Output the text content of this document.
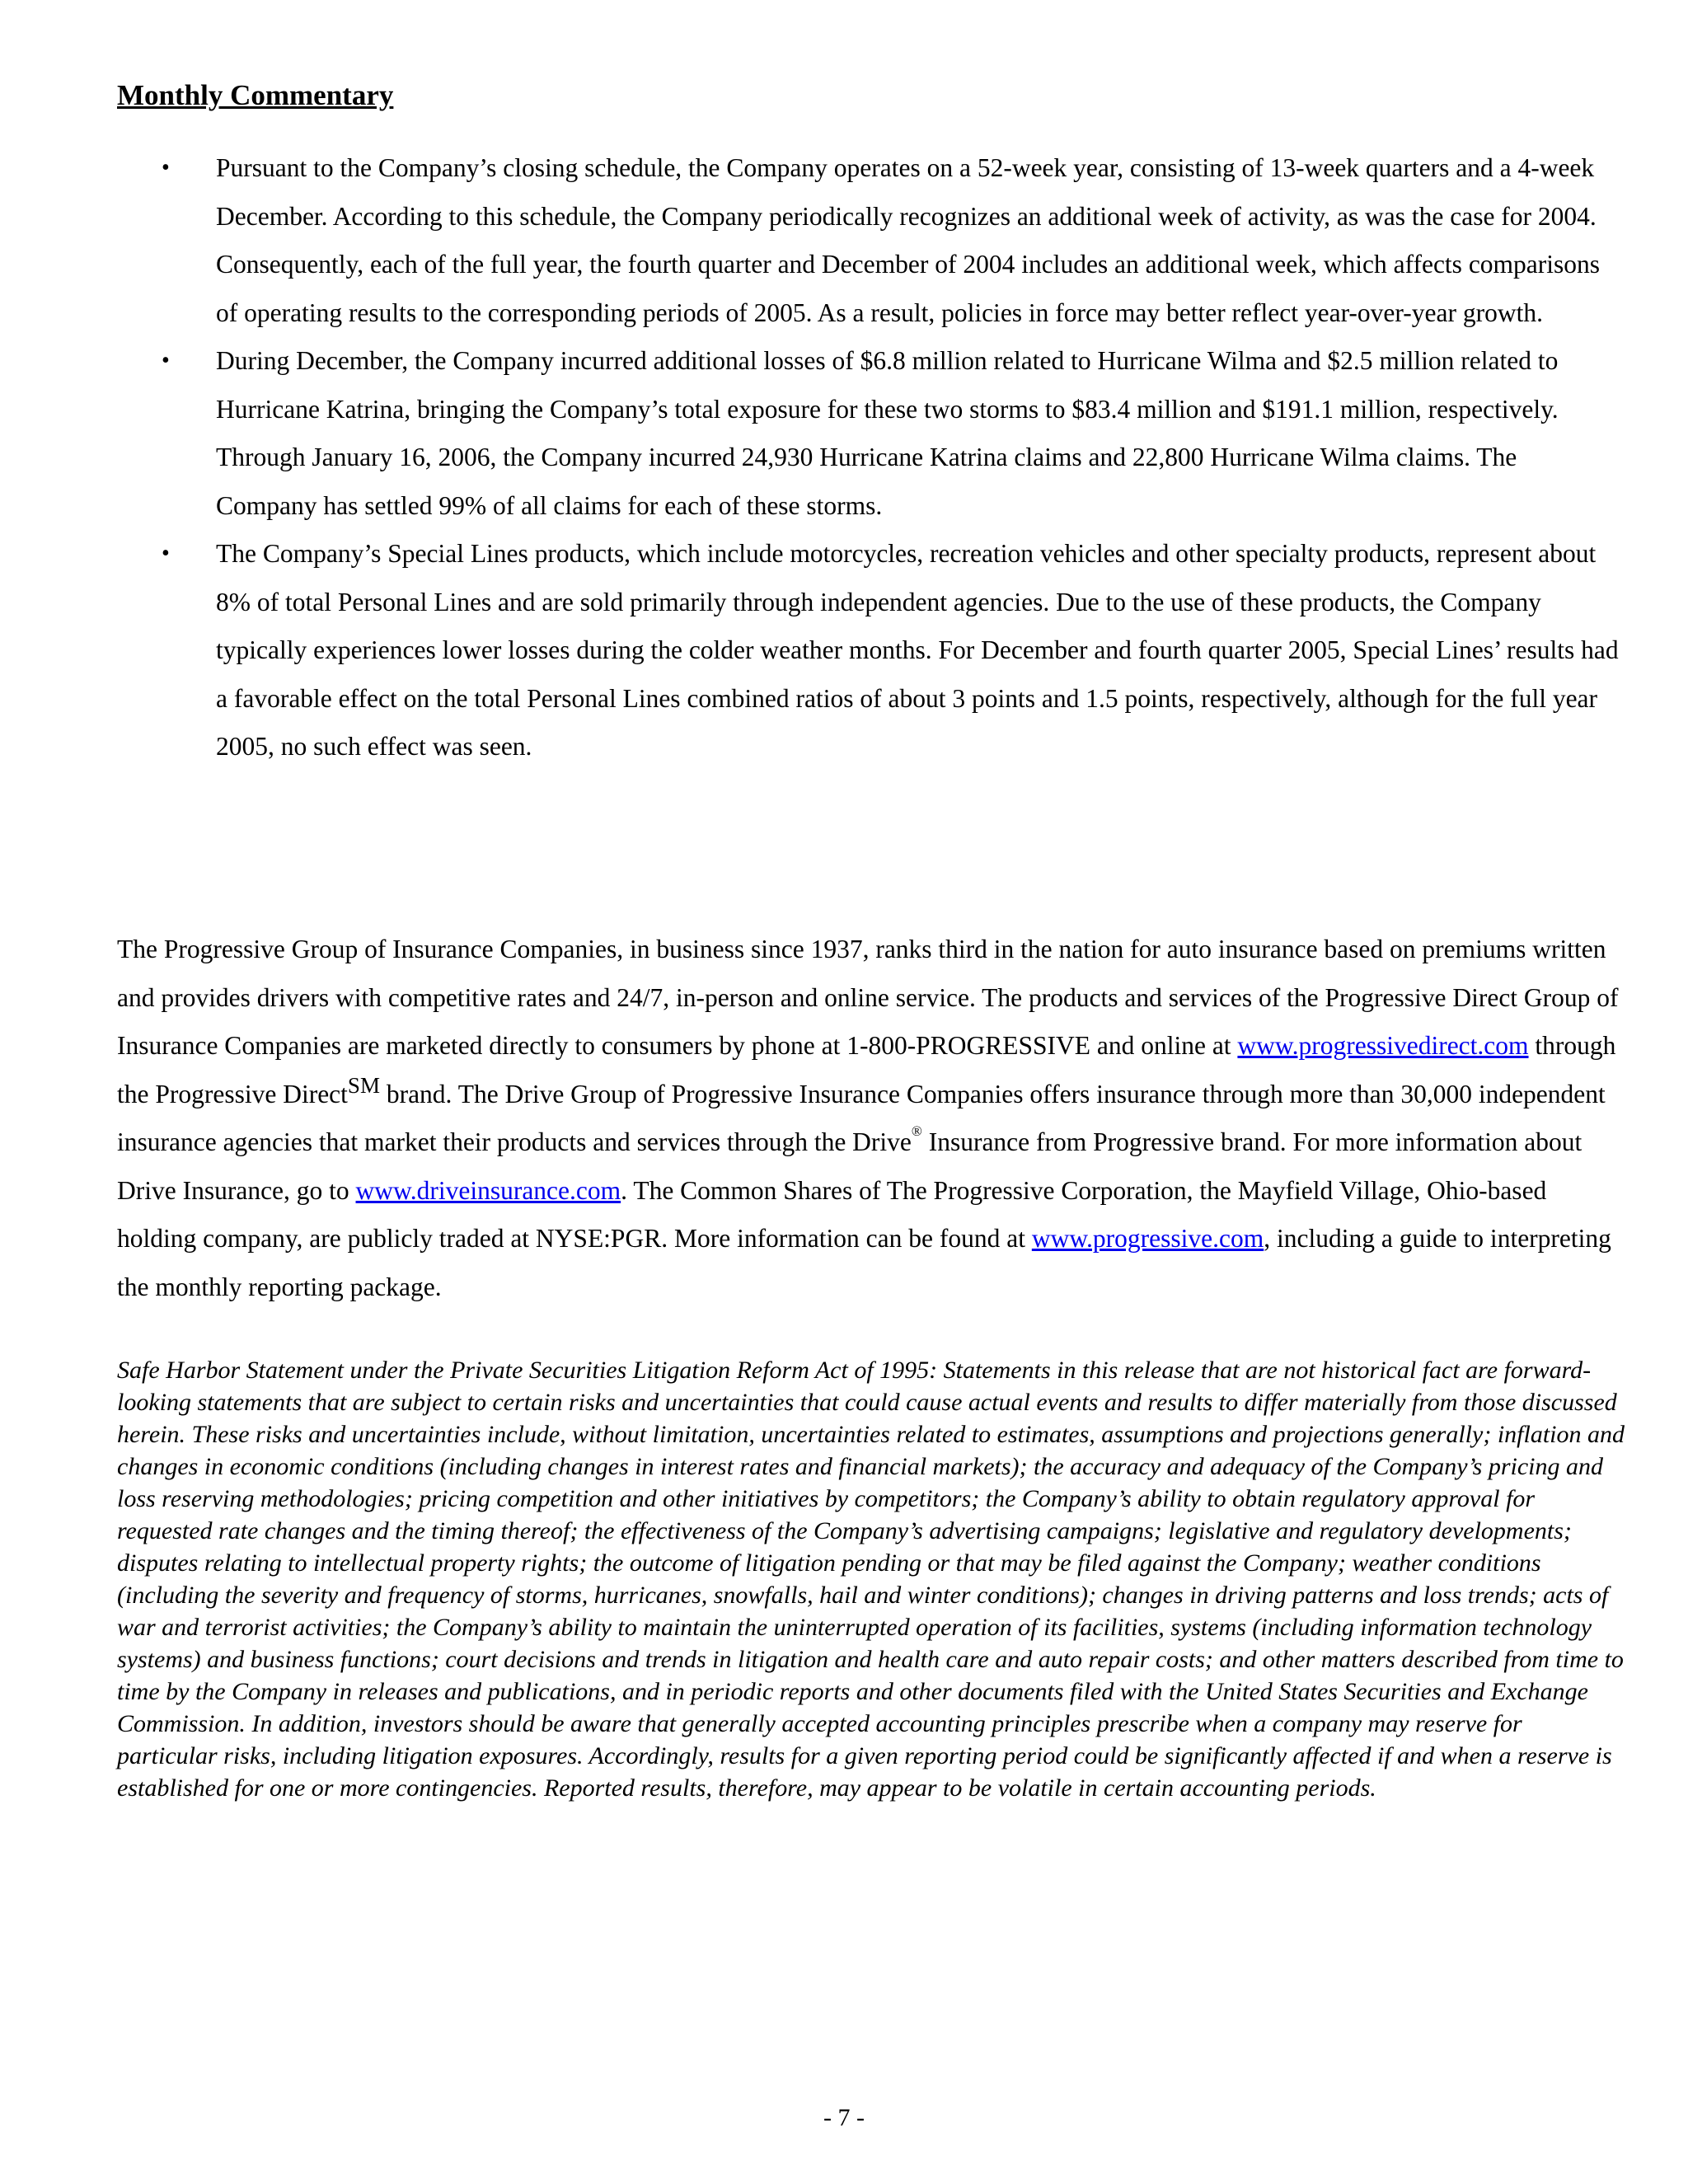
Monthly Commentary
• Pursuant to the Company’s closing schedule, the Company operates on a 52-week year, consisting of 13-week quarters and a 4-week December. According to this schedule, the Company periodically recognizes an additional week of activity, as was the case for 2004. Consequently, each of the full year, the fourth quarter and December of 2004 includes an additional week, which affects comparisons of operating results to the corresponding periods of 2005. As a result, policies in force may better reflect year-over-year growth.
• During December, the Company incurred additional losses of $6.8 million related to Hurricane Wilma and $2.5 million related to Hurricane Katrina, bringing the Company’s total exposure for these two storms to $83.4 million and $191.1 million, respectively. Through January 16, 2006, the Company incurred 24,930 Hurricane Katrina claims and 22,800 Hurricane Wilma claims. The Company has settled 99% of all claims for each of these storms.
• The Company’s Special Lines products, which include motorcycles, recreation vehicles and other specialty products, represent about 8% of total Personal Lines and are sold primarily through independent agencies. Due to the use of these products, the Company typically experiences lower losses during the colder weather months. For December and fourth quarter 2005, Special Lines’ results had a favorable effect on the total Personal Lines combined ratios of about 3 points and 1.5 points, respectively, although for the full year 2005, no such effect was seen.

The Progressive Group of Insurance Companies, in business since 1937, ranks third in the nation for auto insurance based on premiums written and provides drivers with competitive rates and 24/7, in-person and online service. The products and services of the Progressive Direct Group of Insurance Companies are marketed directly to consumers by phone at 1-800-PROGRESSIVE and online at www.progressivedirect.com through the Progressive DirectSM brand. The Drive Group of Progressive Insurance Companies offers insurance through more than 30,000 independent insurance agencies that market their products and services through the Drive® Insurance from Progressive brand. For more information about Drive Insurance, go to www.driveinsurance.com. The Common Shares of The Progressive Corporation, the Mayfield Village, Ohio-based holding company, are publicly traded at NYSE:PGR. More information can be found at www.progressive.com, including a guide to interpreting the monthly reporting package.

Safe Harbor Statement under the Private Securities Litigation Reform Act of 1995: Statements in this release that are not historical fact are forward-looking statements that are subject to certain risks and uncertainties that could cause actual events and results to differ materially from those discussed herein. These risks and uncertainties include, without limitation, uncertainties related to estimates, assumptions and projections generally; inflation and changes in economic conditions (including changes in interest rates and financial markets); the accuracy and adequacy of the Company’s pricing and loss reserving methodologies; pricing competition and other initiatives by competitors; the Company’s ability to obtain regulatory approval for requested rate changes and the timing thereof; the effectiveness of the Company’s advertising campaigns; legislative and regulatory developments; disputes relating to intellectual property rights; the outcome of litigation pending or that may be filed against the Company; weather conditions (including the severity and frequency of storms, hurricanes, snowfalls, hail and winter conditions); changes in driving patterns and loss trends; acts of war and terrorist activities; the Company’s ability to maintain the uninterrupted operation of its facilities, systems (including information technology systems) and business functions; court decisions and trends in litigation and health care and auto repair costs; and other matters described from time to time by the Company in releases and publications, and in periodic reports and other documents filed with the United States Securities and Exchange Commission. In addition, investors should be aware that generally accepted accounting principles prescribe when a company may reserve for particular risks, including litigation exposures. Accordingly, results for a given reporting period could be significantly affected if and when a reserve is established for one or more contingencies. Reported results, therefore, may appear to be volatile in certain accounting periods.

- 7 -
